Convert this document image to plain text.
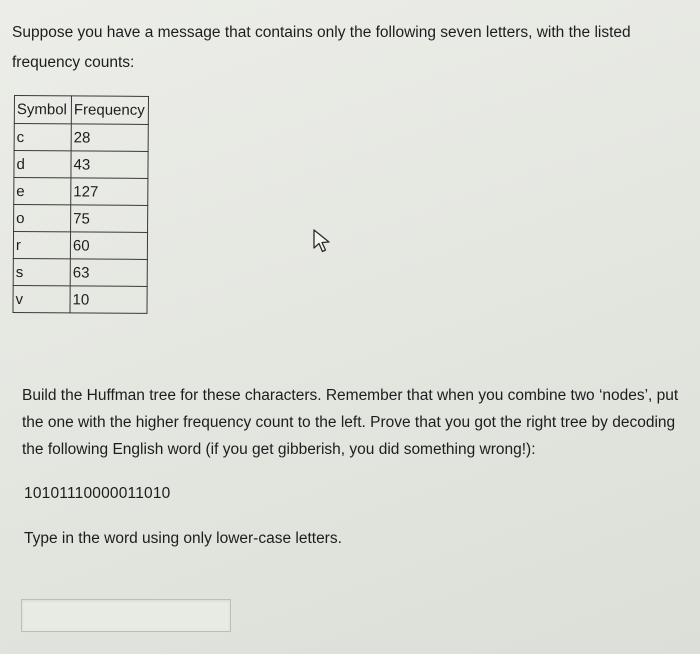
Suppose you have a message that contains only the following seven letters, with the listed frequency counts:
Symbol	Frequency
c	28
d	43
e	127
o	75
r	60
s	63
v	10
Build the Huffman tree for these characters. Remember that when you combine two ‘nodes’, put the one with the higher frequency count to the left. Prove that you got the right tree by decoding the following English word (if you get gibberish, you did something wrong!):
10101110000011010
Type in the word using only lower-case letters.
